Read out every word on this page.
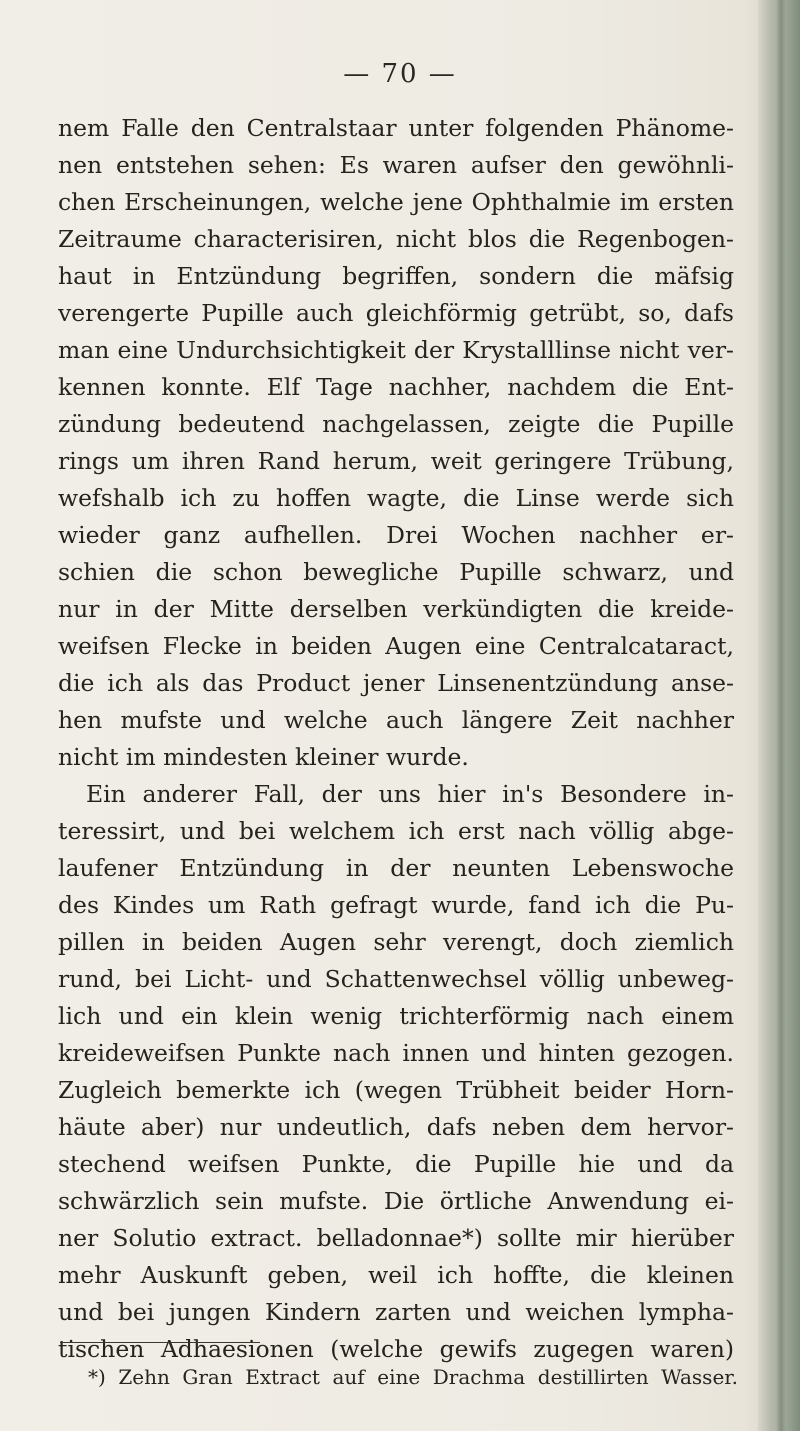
— 70 —
nem Falle den Centralstaar unter folgenden Phänome-
nen entstehen sehen: Es waren aufser den gewöhnli-
chen Erscheinungen, welche jene Ophthalmie im ersten
Zeitraume characterisiren, nicht blos die Regenbogen-
haut in Entzündung begriffen, sondern die mäfsig
verengerte Pupille auch gleichförmig getrübt, so, dafs
man eine Undurchsichtigkeit der Krystalllinse nicht ver-
kennen konnte. Elf Tage nachher, nachdem die Ent-
zündung bedeutend nachgelassen, zeigte die Pupille
rings um ihren Rand herum, weit geringere Trübung,
wefshalb ich zu hoffen wagte, die Linse werde sich
wieder ganz aufhellen. Drei Wochen nachher er-
schien die schon bewegliche Pupille schwarz, und
nur in der Mitte derselben verkündigten die kreide-
weifsen Flecke in beiden Augen eine Centralcataract,
die ich als das Product jener Linsenentzündung anse-
hen mufste und welche auch längere Zeit nachher
nicht im mindesten kleiner wurde.
Ein anderer Fall, der uns hier in's Besondere in-
teressirt, und bei welchem ich erst nach völlig abge-
laufener Entzündung in der neunten Lebenswoche
des Kindes um Rath gefragt wurde, fand ich die Pu-
pillen in beiden Augen sehr verengt, doch ziemlich
rund, bei Licht- und Schattenwechsel völlig unbeweg-
lich und ein klein wenig trichterförmig nach einem
kreideweifsen Punkte nach innen und hinten gezogen.
Zugleich bemerkte ich (wegen Trübheit beider Horn-
häute aber) nur undeutlich, dafs neben dem hervor-
stechend weifsen Punkte, die Pupille hie und da
schwärzlich sein mufste. Die örtliche Anwendung ei-
ner Solutio extract. belladonnae*) sollte mir hierüber
mehr Auskunft geben, weil ich hoffte, die kleinen
und bei jungen Kindern zarten und weichen lympha-
tischen Adhaesionen (welche gewifs zugegen waren)
*) Zehn Gran Extract auf eine Drachma destillirten Wasser.
